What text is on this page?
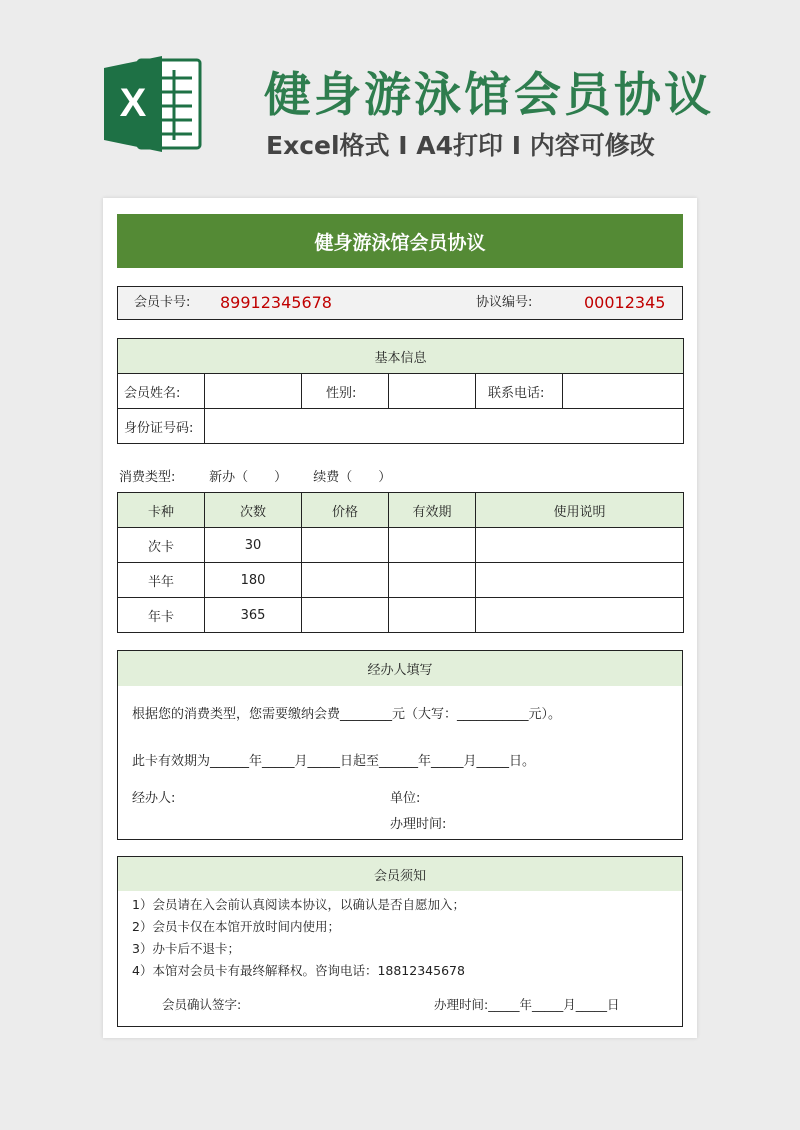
X	健身游泳馆会员协议
Excel格式 I A4打印 I 内容可修改
健身游泳馆会员协议
会员卡号: 89912345678	协议编号:	00012345
基本信息					
会员姓名:		性别:		联系电话:	
身份证号码:					
消费类型:	新办（　　） 续费（　　）
卡种	次数	价格	有效期	使用说明
次卡	30			
半年	180			
年卡	365			
经办人填写
根据您的消费类型，您需要缴纳会费________元（大写：___________元）。
此卡有效期为______年_____月_____日起至______年_____月_____日。
经办人:	单位:
办理时间:
会员须知
1）会员请在入会前认真阅读本协议，以确认是否自愿加入；
2）会员卡仅在本馆开放时间内使用；
3）办卡后不退卡；
4）本馆对会员卡有最终解释权。咨询电话：18812345678
会员确认签字:	办理时间:_____年_____月_____日
